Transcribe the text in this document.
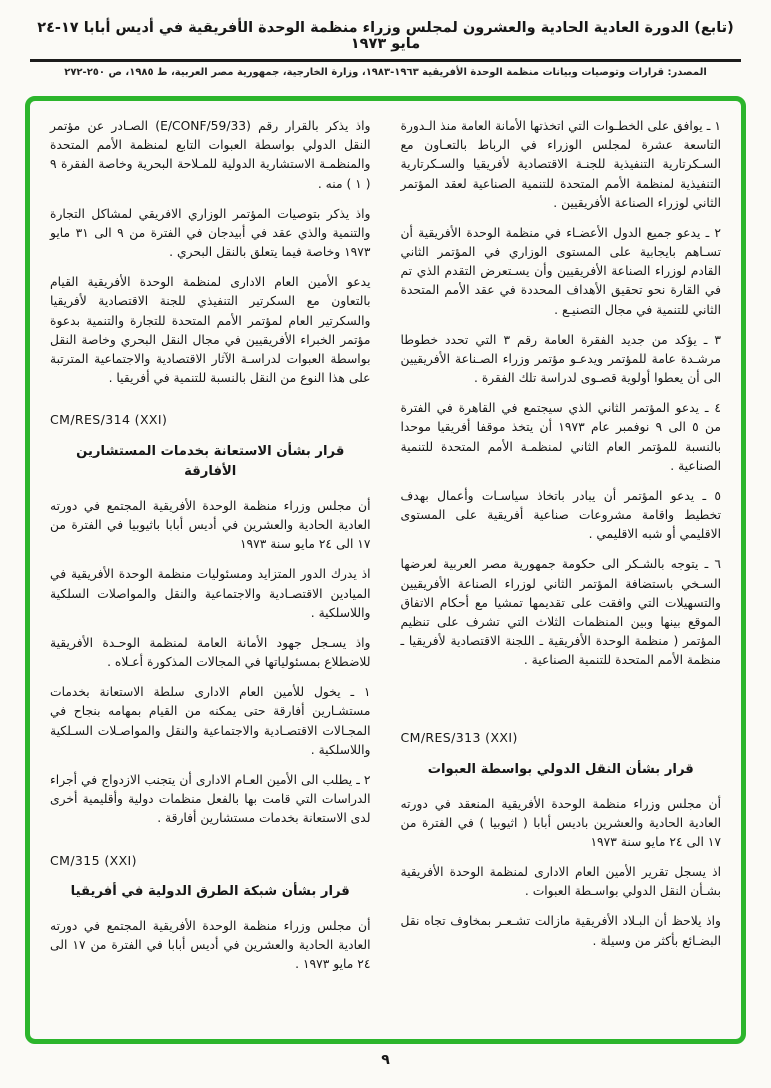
(تابع) الدورة العادية الحادية والعشرون لمجلس وزراء منظمة الوحدة الأفريقية في أديس أبابا ١٧-٢٤ مايو ١٩٧٣
المصدر: قرارات وتوصيات وبيانات منظمة الوحدة الأفريقية ١٩٦٣-١٩٨٣، وزارة الخارجية، جمهورية مصر العربية، ط ١٩٨٥، ص ٢٥٠-٢٧٢

١ ـ يوافق على الخطـوات التي اتخذتها الأمانة العامة منذ الـدورة التاسعة عشرة لمجلس الوزراء في الرباط بالتعـاون مع السـكرتارية التنفيذية للجنـة الاقتصادية لأفريقيا والسـكرتارية التنفيذية لمنظمة الأمم المتحدة للتنمية الصناعية لعقد المؤتمر الثاني لوزراء الصناعة الأفريقيين .

٢ ـ يدعو جميع الدول الأعضـاء في منظمة الوحدة الأفريقية أن تسـاهم بايجابية على المستوى الوزاري في المؤتمر الثاني القادم لوزراء الصناعة الأفريقيين وأن يسـتعرض التقدم الذي تم في القارة نحو تحقيق الأهداف المحددة في عقد الأمم المتحدة الثاني للتنمية في مجال التصنيـع .

٣ ـ يؤكد من جديد الفقرة العامة رقم ٣ التي تحدد خطوطا مرشـدة عامة للمؤتمر ويدعـو مؤتمر وزراء الصـناعة الأفريقيين الى أن يعطوا أولوية قصـوى لدراسة تلك الفقرة .

٤ ـ يدعو المؤتمر الثاني الذي سيجتمع في القاهرة في الفترة من ٥ الى ٩ نوفمبر عام ١٩٧٣ أن يتخذ موقفا أفريقيا موحدا بالنسبة للمؤتمر العام الثاني لمنظمـة الأمم المتحدة للتنمية الصناعية .

٥ ـ يدعو المؤتمر أن يبادر باتخاذ سياسـات وأعمال بهدف تخطيط واقامة مشروعات صناعية أفريقية على المستوى الاقليمي أو شبه الاقليمي .

٦ ـ يتوجه بالشـكر الى حكومة جمهورية مصر العربية لعرضها السـخي باستضافة المؤتمر الثاني لوزراء الصناعة الأفريقيين والتسهيلات التي وافقت على تقديمها تمشيا مع أحكام الاتفاق الموقع بينها وبين المنظمات الثلاث التي تشرف على تنظيم المؤتمر ( منظمة الوحدة الأفريقية ـ اللجنة الاقتصادية لأفريقيا ـ منظمة الأمم المتحدة للتنمية الصناعية .

CM/RES/313 (XXI)
قرار بشأن النقل الدولي بواسطة العبوات

أن مجلس وزراء منظمة الوحدة الأفريقية المنعقد في دورته العادية الحادية والعشرين باديس أبابا ( اثيوبيا ) في الفترة من ١٧ الى ٢٤ مايو سنة ١٩٧٣

اذ يسجل تقرير الأمين العام الادارى لمنظمة الوحدة الأفريقية بشـأن النقل الدولي بواسـطة العبوات .

واذ يلاحظ أن البـلاد الأفريقية مازالت تشـعـر بمخاوف تجاه نقل البضـائع بأكثر من وسيلة .

واذ يذكر بالقرار رقم (E/CONF/59/33) الصـادر عن مؤتمر النقل الدولي بواسطة العبوات التابع لمنظمة الأمم المتحدة والمنظمـة الاستشارية الدولية للمـلاحة البحرية وخاصة الفقرة ٩ ( ١ ) منه .

واذ يذكر بتوصيات المؤتمر الوزاري الافريقي لمشاكل التجارة والتنمية والذي عقد في أبيدجان في الفترة من ٩ الى ٣١ مايو ١٩٧٣ وخاصة فيما يتعلق بالنقل البحري .

يدعو الأمين العام الادارى لمنظمة الوحدة الأفريقية القيام بالتعاون مع السكرتير التنفيذي للجنة الاقتصادية لأفريقيا والسكرتير العام لمؤتمر الأمم المتحدة للتجارة والتنمية بدعوة مؤتمر الخبراء الأفريقيين في مجال النقل البحري وخاصة النقل بواسطة العبوات لدراسـة الآثار الاقتصادية والاجتماعية المترتبة على هذا النوع من النقل بالنسبة للتنمية في أفريقيا .

CM/RES/314 (XXI)
قرار بشأن الاستعانة بخدمات المستشارين الأفارقة

أن مجلس وزراء منظمة الوحدة الأفريقية المجتمع في دورته العادية الحادية والعشرين في أديس أبابا باثيوبيا في الفترة من ١٧ الى ٢٤ مايو سنة ١٩٧٣

اذ يدرك الدور المتزايد ومسئوليات منظمة الوحدة الأفريقية في الميادين الاقتصـادية والاجتماعية والنقل والمواصلات السلكية واللاسلكية .

واذ يسـجل جهود الأمانة العامة لمنظمة الوحـدة الأفريقية للاضطلاع بمسئولياتها في المجالات المذكورة أعـلاه .

١ ـ يخول للأمين العام الادارى سلطة الاستعانة بخدمات مستشـارين أفارقة حتى يمكنه من القيام بمهامه بنجاح في المجـالات الاقتصـادية والاجتماعية والنقل والمواصـلات السـلكية واللاسلكية .

٢ ـ يطلب الى الأمين العـام الادارى أن يتجنب الازدواج في أجراء الدراسات التي قامت بها بالفعل منظمات دولية وأقليمية أخرى لدى الاستعانة بخدمات مستشارين أفارقة .

CM/315 (XXI)
قرار بشأن شبكة الطرق الدولية في أفريقيا

أن مجلس وزراء منظمة الوحدة الأفريقية المجتمع في دورته العادية الحادية والعشرين في أديس أبابا في الفترة من ١٧ الى ٢٤ مايو ١٩٧٣ .

٩
